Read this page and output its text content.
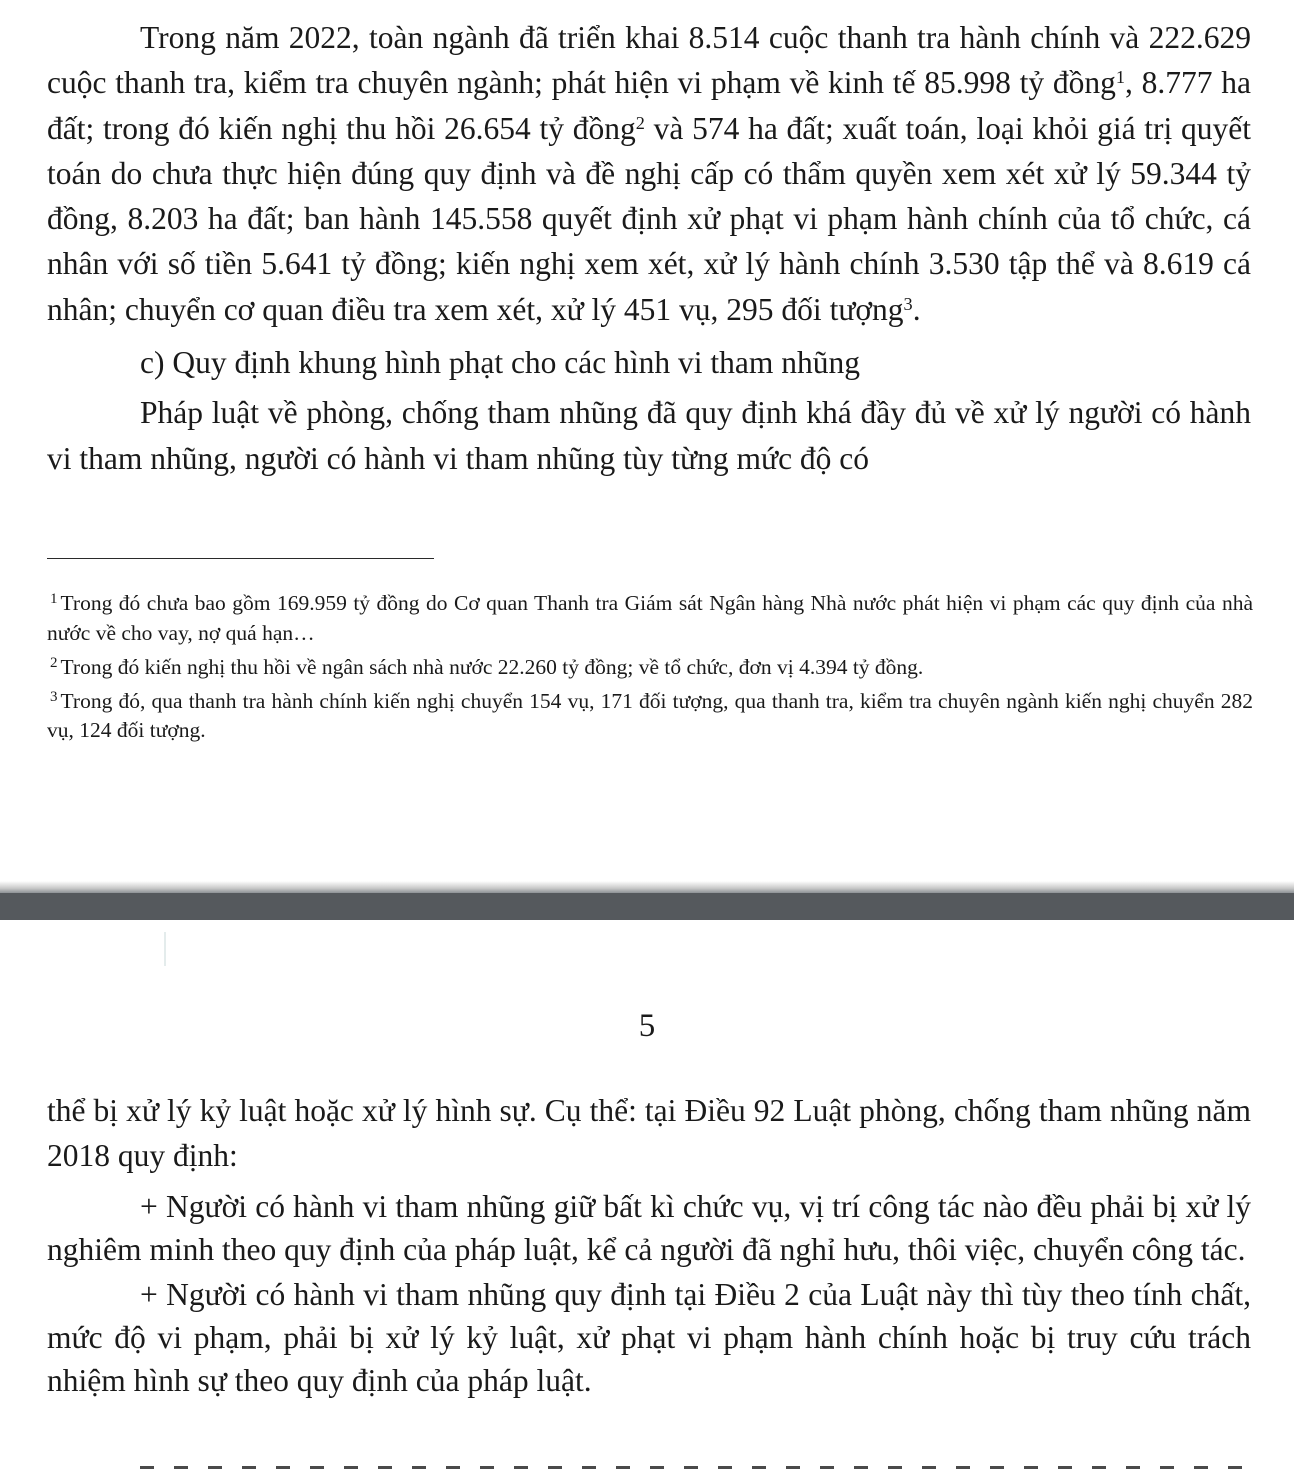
Trong năm 2022, toàn ngành đã triển khai 8.514 cuộc thanh tra hành chính và 222.629 cuộc thanh tra, kiểm tra chuyên ngành; phát hiện vi phạm về kinh tế 85.998 tỷ đồng$^1$, 8.777 ha đất; trong đó kiến nghị thu hồi 26.654 tỷ đồng$^2$ và 574 ha đất; xuất toán, loại khỏi giá trị quyết toán do chưa thực hiện đúng quy định và đề nghị cấp có thẩm quyền xem xét xử lý 59.344 tỷ đồng, 8.203 ha đất; ban hành 145.558 quyết định xử phạt vi phạm hành chính của tổ chức, cá nhân với số tiền 5.641 tỷ đồng; kiến nghị xem xét, xử lý hành chính 3.530 tập thể và 8.619 cá nhân; chuyển cơ quan điều tra xem xét, xử lý 451 vụ, 295 đối tượng$^3$.

c) Quy định khung hình phạt cho các hình vi tham nhũng

Pháp luật về phòng, chống tham nhũng đã quy định khá đầy đủ về xử lý người có hành vi tham nhũng, người có hành vi tham nhũng tùy từng mức độ có

$^1$ Trong đó chưa bao gồm 169.959 tỷ đồng do Cơ quan Thanh tra Giám sát Ngân hàng Nhà nước phát hiện vi phạm các quy định của nhà nước về cho vay, nợ quá hạn…

$^2$ Trong đó kiến nghị thu hồi về ngân sách nhà nước 22.260 tỷ đồng; về tổ chức, đơn vị 4.394 tỷ đồng.

$^3$ Trong đó, qua thanh tra hành chính kiến nghị chuyển 154 vụ, 171 đối tượng, qua thanh tra, kiểm tra chuyên ngành kiến nghị chuyển 282 vụ, 124 đối tượng.

5

thể bị xử lý kỷ luật hoặc xử lý hình sự. Cụ thể: tại Điều 92 Luật phòng, chống tham nhũng năm 2018 quy định:

+ Người có hành vi tham nhũng giữ bất kì chức vụ, vị trí công tác nào đều phải bị xử lý nghiêm minh theo quy định của pháp luật, kể cả người đã nghỉ hưu, thôi việc, chuyển công tác.

+ Người có hành vi tham nhũng quy định tại Điều 2 của Luật này thì tùy theo tính chất, mức độ vi phạm, phải bị xử lý kỷ luật, xử phạt vi phạm hành chính hoặc bị truy cứu trách nhiệm hình sự theo quy định của pháp luật.
